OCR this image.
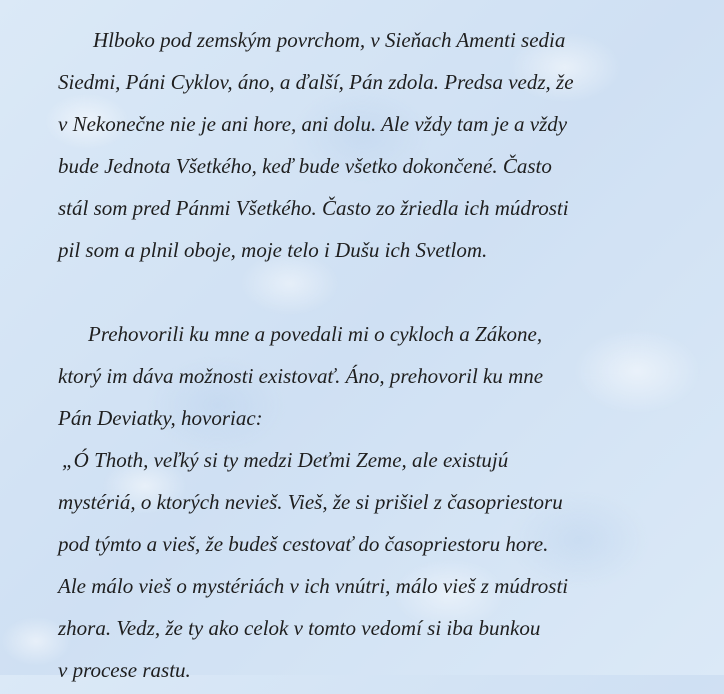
Hlboko pod zemským povrchom, v Sieňach Amenti sedia
Siedmi, Páni Cyklov, áno, a ďalší, Pán zdola. Predsa vedz, že
v Nekonečne nie je ani hore, ani dolu. Ale vždy tam je a vždy
bude Jednota Všetkého, keď bude všetko dokončené. Často
stál som pred Pánmi Všetkého. Často zo žriedla ich múdrosti
pil som a plnil oboje, moje telo i Dušu ich Svetlom.
Prehovorili ku mne a povedali mi o cykloch a Zákone,
ktorý im dáva možnosti existovať. Áno, prehovoril ku mne
Pán Deviatky, hovoriac:
„Ó Thoth, veľký si ty medzi Deťmi Zeme, ale existujú
mystériá, o ktorých nevieš. Vieš, že si prišiel z časopriestoru
pod týmto a vieš, že budeš cestovať do časopriestoru hore.
Ale málo vieš o mystériách v ich vnútri, málo vieš z múdrosti
zhora. Vedz, že ty ako celok v tomto vedomí si iba bunkou
v procese rastu.
